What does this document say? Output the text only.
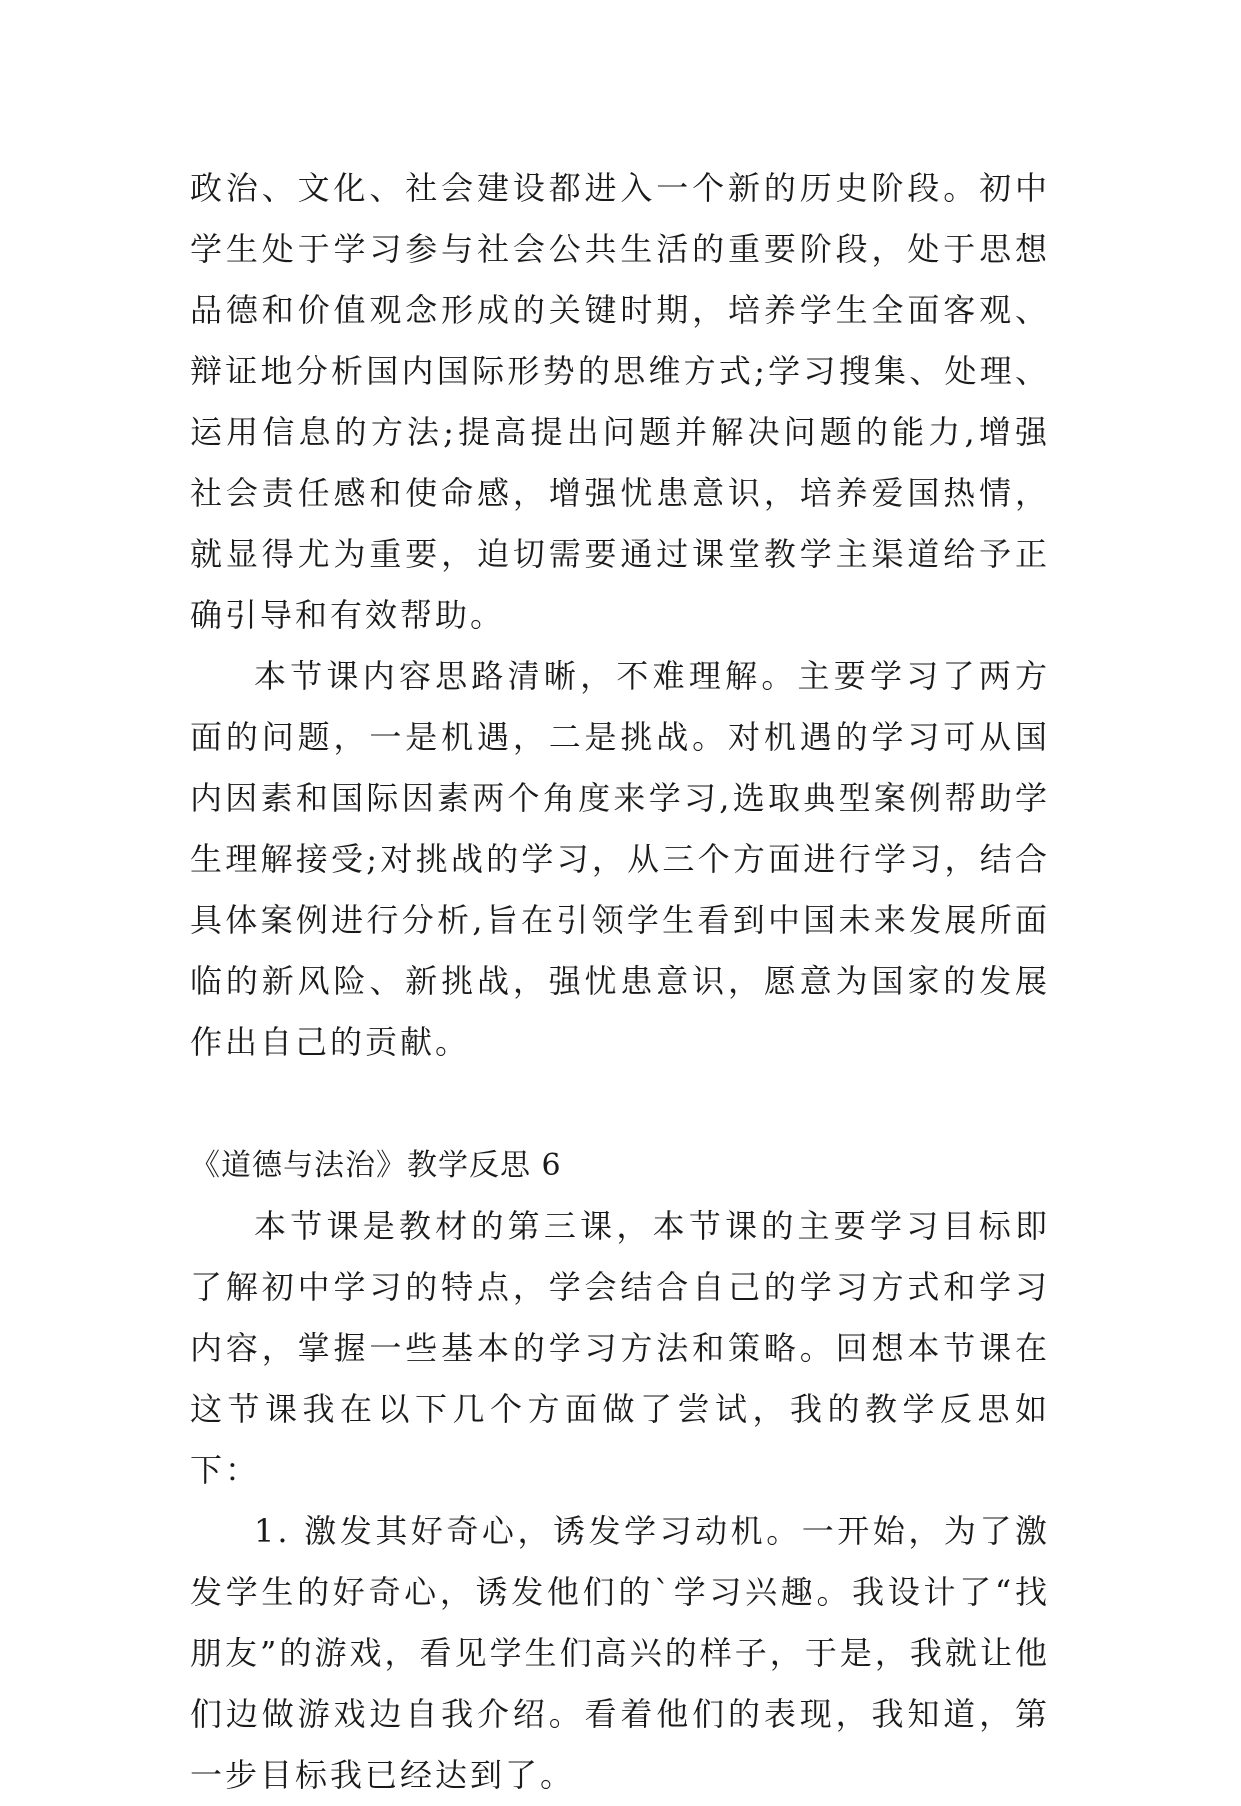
政治、文化、社会建设都进入一个新的历史阶段。初中学生处于学习参与社会公共生活的重要阶段，处于思想品德和价值观念形成的关键时期，培养学生全面客观、辩证地分析国内国际形势的思维方式;学习搜集、处理、运用信息的方法;提高提出问题并解决问题的能力,增强社会责任感和使命感，增强忧患意识，培养爱国热情，就显得尤为重要，迫切需要通过课堂教学主渠道给予正确引导和有效帮助。

本节课内容思路清晰，不难理解。主要学习了两方面的问题，一是机遇，二是挑战。对机遇的学习可从国内因素和国际因素两个角度来学习,选取典型案例帮助学生理解接受;对挑战的学习，从三个方面进行学习，结合具体案例进行分析,旨在引领学生看到中国未来发展所面临的新风险、新挑战，强忧患意识，愿意为国家的发展作出自己的贡献。

《道德与法治》教学反思 6

本节课是教材的第三课，本节课的主要学习目标即了解初中学习的特点，学会结合自己的学习方式和学习内容，掌握一些基本的学习方法和策略。回想本节课在这节课我在以下几个方面做了尝试，我的教学反思如下：

1. 激发其好奇心，诱发学习动机。一开始，为了激发学生的好奇心，诱发他们的`学习兴趣。我设计了“找朋友”的游戏，看见学生们高兴的样子，于是，我就让他们边做游戏边自我介绍。看着他们的表现，我知道，第一步目标我已经达到了。
